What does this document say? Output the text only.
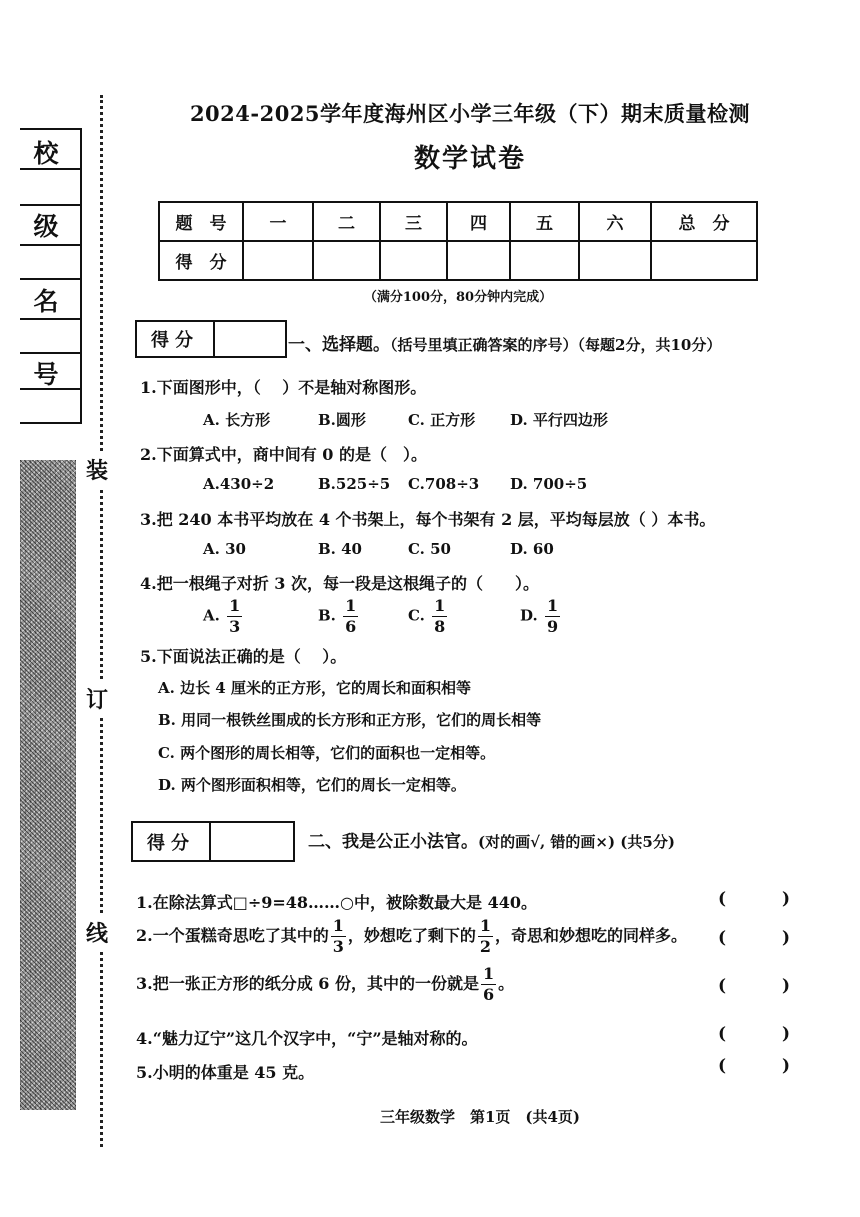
校
级
名
号
装
订
线
2024-2025学年度海州区小学三年级（下）期末质量检测
数学试卷
题　号	一	二	三	四	五	六	总　分
得　分							
（满分100分，80分钟内完成）
得分	一、选择题。（括号里填正确答案的序号）（每题2分，共10分）
1.下面图形中，（　 ）不是轴对称图形。
A. 长方形	B.圆形	C. 正方形 D. 平行四边形
2.下面算式中，商中间有 0 的是（　）。
A.430÷2	B.525÷5 C.708÷3 D. 700÷5
3.把 240 本书平均放在 4 个书架上，每个书架有 2 层，平均每层放（ ）本书。
A. 30	B. 40	C. 50	D. 60
4.把一根绳子对折 3 次，每一段是这根绳子的（　　）。
A. $\frac{1}{3}$	B. $\frac{1}{6}$	C. $\frac{1}{8}$	D. $\frac{1}{9}$
5.下面说法正确的是（　 ）。
A. 边长 4 厘米的正方形，它的周长和面积相等
B. 用同一根铁丝围成的长方形和正方形，它们的周长相等
C. 两个图形的周长相等，它们的面积也一定相等。
D. 两个图形面积相等，它们的周长一定相等。
得分	二、我是公正小法官。(对的画√, 错的画×) (共5分)
1.在除法算式□÷9=48……○中，被除数最大是 440。	(	)
2.一个蛋糕奇思吃了其中的 $\frac{1}{3}$ ，妙想吃了剩下的 $\frac{1}{2}$ ，奇思和妙想吃的同样多。 (	)
3.把一张正方形的纸分成 6 份，其中的一份就是 $\frac{1}{6}$ 。	(	)
4.“魅力辽宁”这几个汉字中，“宁”是轴对称的。	(	)
5.小明的体重是 45 克。	(	)
三年级数学　第1页　(共4页)
